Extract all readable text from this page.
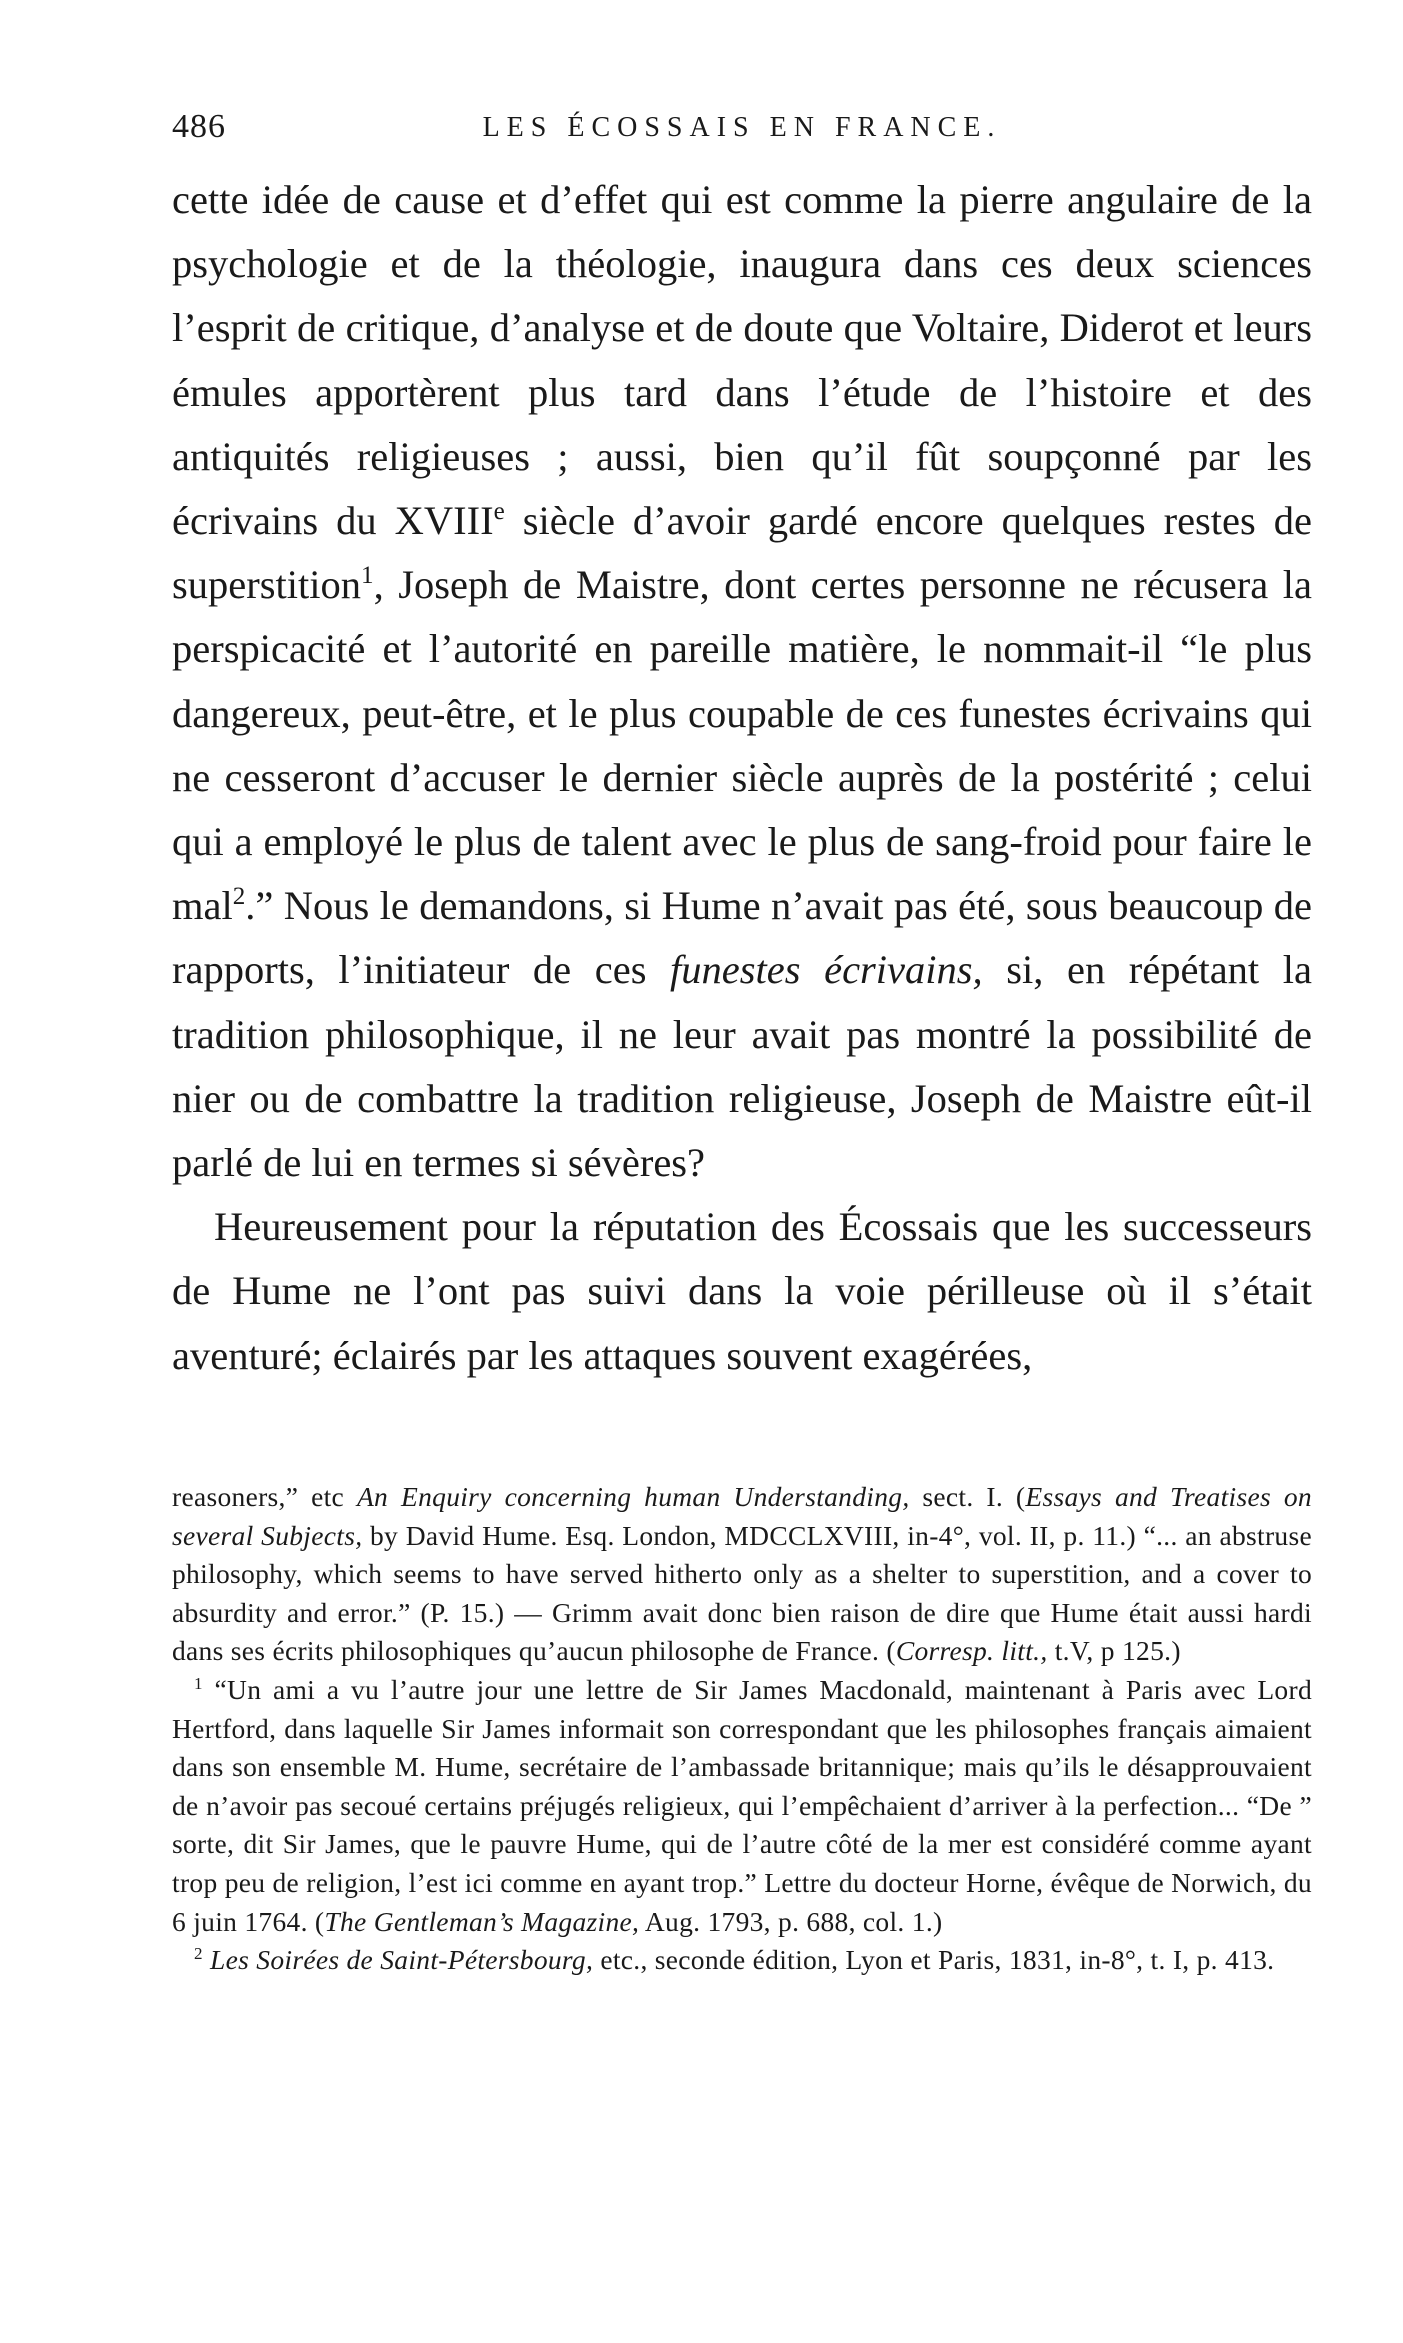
486	LES ÉCOSSAIS EN FRANCE.

cette idée de cause et d’effet qui est comme la pierre angulaire de la psychologie et de la théologie, inaugura dans ces deux sciences l’esprit de critique, d’analyse et de doute que Voltaire, Diderot et leurs émules apportèrent plus tard dans l’étude de l’histoire et des antiquités religieuses ; aussi, bien qu’il fût soupçonné par les écrivains du XVIIIe siècle d’avoir gardé encore quelques restes de superstition$^1$, Joseph de Maistre, dont certes personne ne récusera la perspicacité et l’autorité en pareille matière, le nommait-il “le plus dangereux, peut-être, et le plus coupable de ces funestes écrivains qui ne cesseront d’accuser le dernier siècle auprès de la postérité ; celui qui a employé le plus de talent avec le plus de sang-froid pour faire le mal$^2$.” Nous le demandons, si Hume n’avait pas été, sous beaucoup de rapports, l’initiateur de ces funestes écrivains, si, en répétant la tradition philosophique, il ne leur avait pas montré la possibilité de nier ou de combattre la tradition religieuse, Joseph de Maistre eût-il parlé de lui en termes si sévères?

Heureusement pour la réputation des Écossais que les successeurs de Hume ne l’ont pas suivi dans la voie périlleuse où il s’était aventuré; éclairés par les attaques souvent exagérées,

reasoners,” etc An Enquiry concerning human Understanding, sect. I. (Essays and Treatises on several Subjects, by David Hume. Esq. London, MDCCLXVIII, in-4°, vol. II, p. 11.) “... an abstruse philosophy, which seems to have served hitherto only as a shelter to superstition, and a cover to absurdity and error.” (P. 15.) — Grimm avait donc bien raison de dire que Hume était aussi hardi dans ses écrits philosophiques qu’aucun philosophe de France. (Corresp. litt., t.V, p 125.)

$^1$ “Un ami a vu l’autre jour une lettre de Sir James Macdonald, maintenant à Paris avec Lord Hertford, dans laquelle Sir James informait son correspondant que les philosophes français aimaient dans son ensemble M. Hume, secrétaire de l’ambassade britannique; mais qu’ils le désapprouvaient de n’avoir pas secoué certains préjugés religieux, qui l’empêchaient d’arriver à la perfection... “De ” sorte, dit Sir James, que le pauvre Hume, qui de l’autre côté de la mer est considéré comme ayant trop peu de religion, l’est ici comme en ayant trop.” Lettre du docteur Horne, évêque de Norwich, du 6 juin 1764. (The Gentleman’s Magazine, Aug. 1793, p. 688, col. 1.)

$^2$ Les Soirées de Saint-Pétersbourg, etc., seconde édition, Lyon et Paris, 1831, in-8°, t. I, p. 413.
